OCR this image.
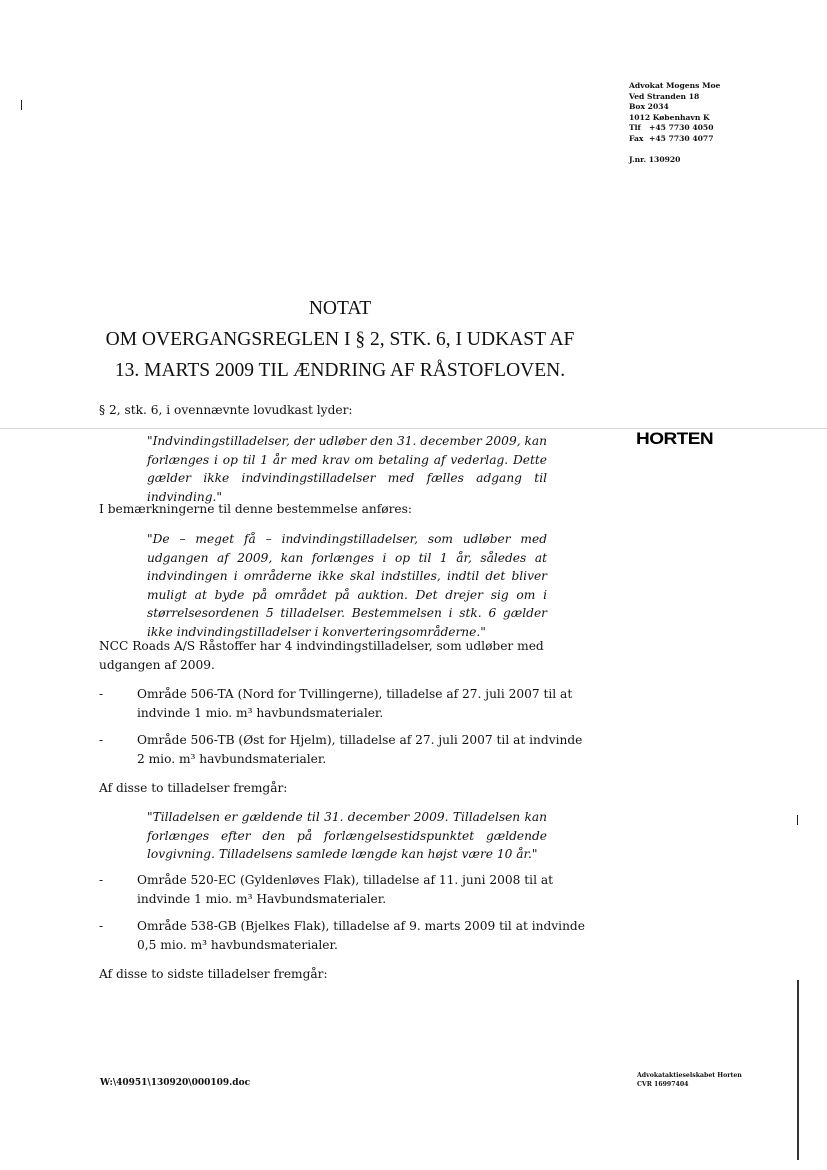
Advokat Mogens Moe
Ved Stranden 18
Box 2034
1012 København K
Tlf +45 7730 4050
Fax +45 7730 4077
J.nr. 130920
NOTAT
OM OVERGANGSREGLEN I § 2, STK. 6, I UDKAST AF
13. MARTS 2009 TIL ÆNDRING AF RÅSTOFLOVEN.
HORTEN
§ 2, stk. 6, i ovennævnte lovudkast lyder:
"Indvindingstilladelser, der udløber den 31. december 2009, kan forlænges i op til 1 år med krav om betaling af vederlag. Dette gælder ikke indvindingstilladelser med fælles adgang til indvinding."
I bemærkningerne til denne bestemmelse anføres:
"De – meget få – indvindingstilladelser, som udløber med udgangen af 2009, kan forlænges i op til 1 år, således at indvindingen i områderne ikke skal indstilles, indtil det bliver muligt at byde på området på auktion. Det drejer sig om i størrelsesordenen 5 tilladelser. Bestemmelsen i stk. 6 gælder ikke indvindingstilladelser i konverteringsområderne."
NCC Roads A/S Råstoffer har 4 indvindingstilladelser, som udløber med udgangen af 2009.
-	Område 506-TA (Nord for Tvillingerne), tilladelse af 27. juli 2007 til at indvinde 1 mio. m³ havbundsmaterialer.
-	Område 506-TB (Øst for Hjelm), tilladelse af 27. juli 2007 til at indvinde 2 mio. m³ havbundsmaterialer.
Af disse to tilladelser fremgår:
"Tilladelsen er gældende til 31. december 2009. Tilladelsen kan forlænges efter den på forlængelsestidspunktet gældende lovgivning. Tilladelsens samlede længde kan højst være 10 år."
-	Område 520-EC (Gyldenløves Flak), tilladelse af 11. juni 2008 til at indvinde 1 mio. m³ Havbundsmaterialer.
-	Område 538-GB (Bjelkes Flak), tilladelse af 9. marts 2009 til at indvinde 0,5 mio. m³ havbundsmaterialer.
Af disse to sidste tilladelser fremgår:
W:\40951\130920\000109.doc
Advokataktieselskabet Horten
CVR 16997404
